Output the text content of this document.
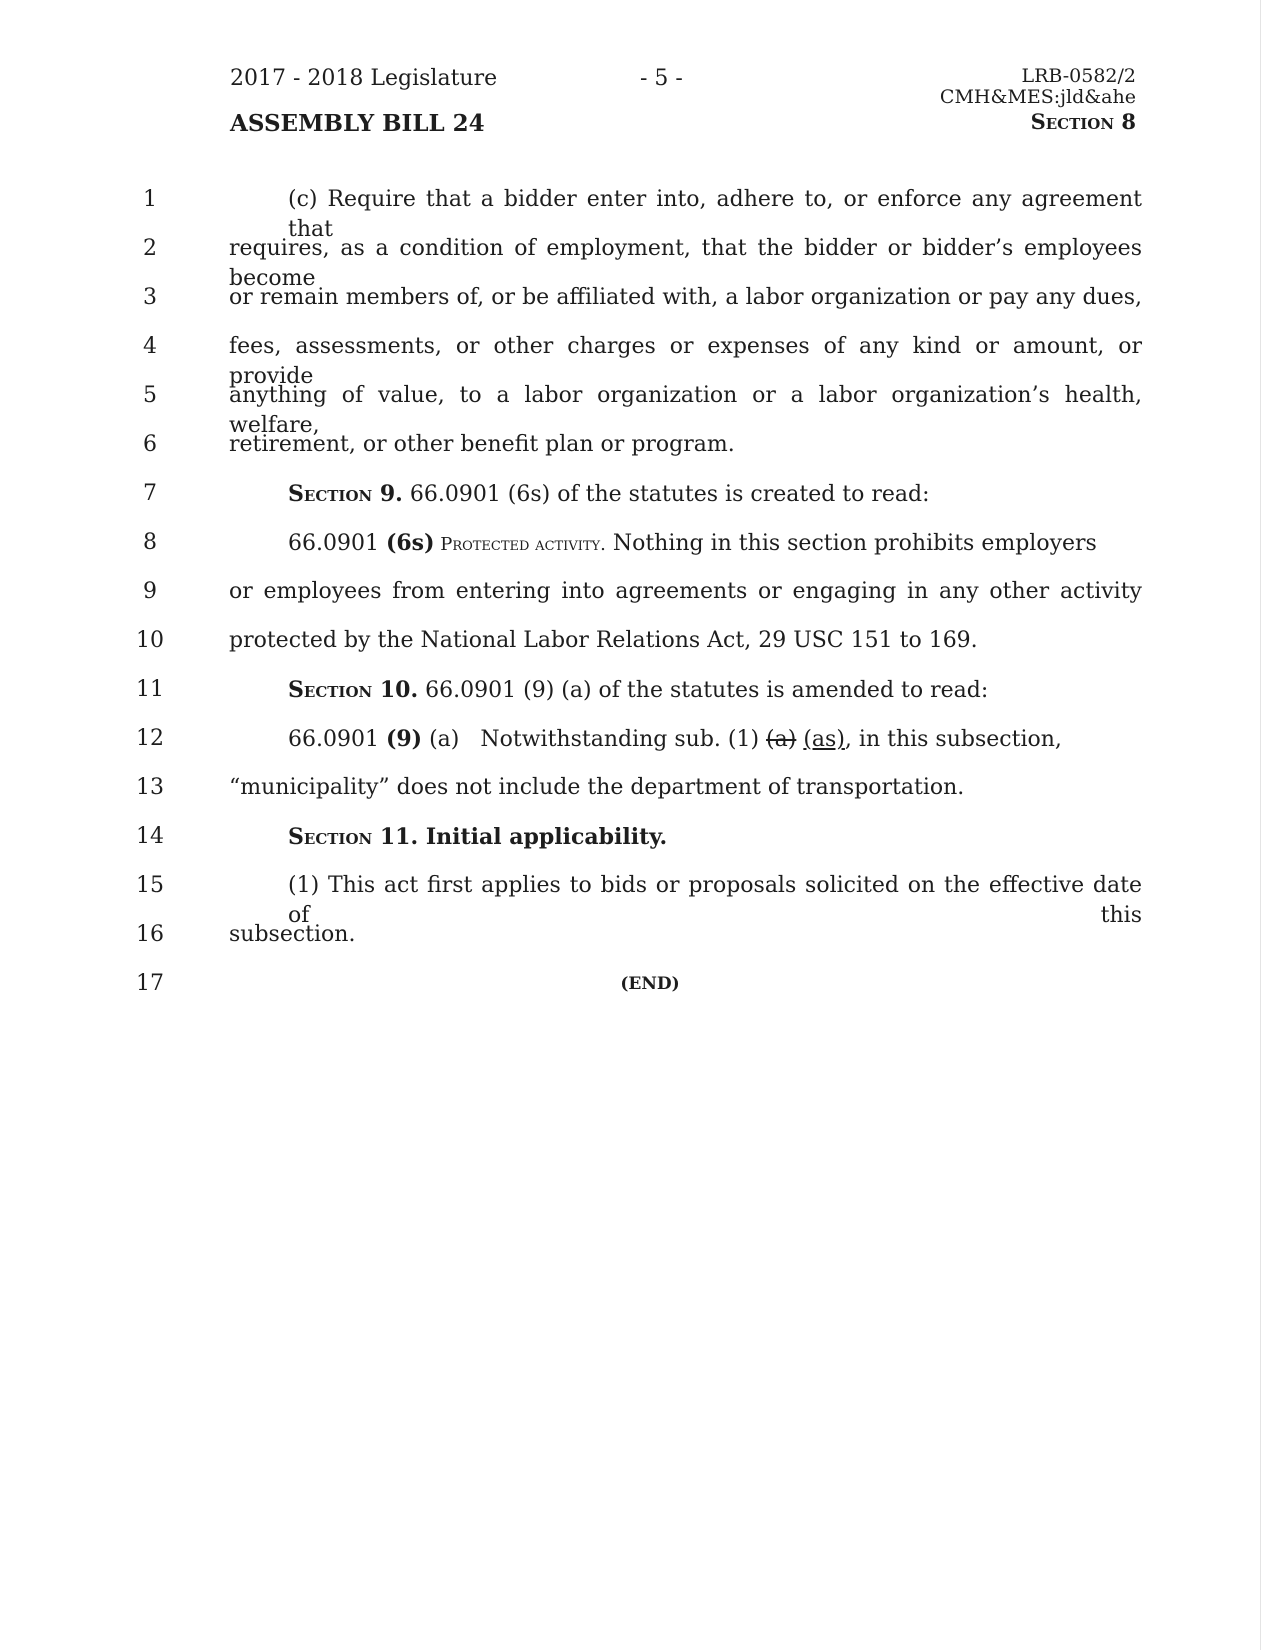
2017 - 2018 Legislature
ASSEMBLY BILL 24
- 5 -	LRB-0582/2
CMH&MES:jld&ahe
Section 8
1	(c) Require that a bidder enter into, adhere to, or enforce any agreement that
2	requires, as a condition of employment, that the bidder or bidder’s employees become
3	or remain members of, or be affiliated with, a labor organization or pay any dues,
4	fees, assessments, or other charges or expenses of any kind or amount, or provide
5	anything of value, to a labor organization or a labor organization’s health, welfare,
6	retirement, or other benefit plan or program.
7	Section 9. 66.0901 (6s) of the statutes is created to read:
8	66.0901 (6s) Protected activity. Nothing in this section prohibits employers
9	or employees from entering into agreements or engaging in any other activity
10	protected by the National Labor Relations Act, 29 USC 151 to 169.
11	Section 10. 66.0901 (9) (a) of the statutes is amended to read:
12	66.0901 (9) (a)   Notwithstanding sub. (1) (a) (as), in this subsection,
13	“municipality” does not include the department of transportation.
14	Section 11. Initial applicability.
15	(1) This act first applies to bids or proposals solicited on the effective date of this
16	subsection.
17	(END)
